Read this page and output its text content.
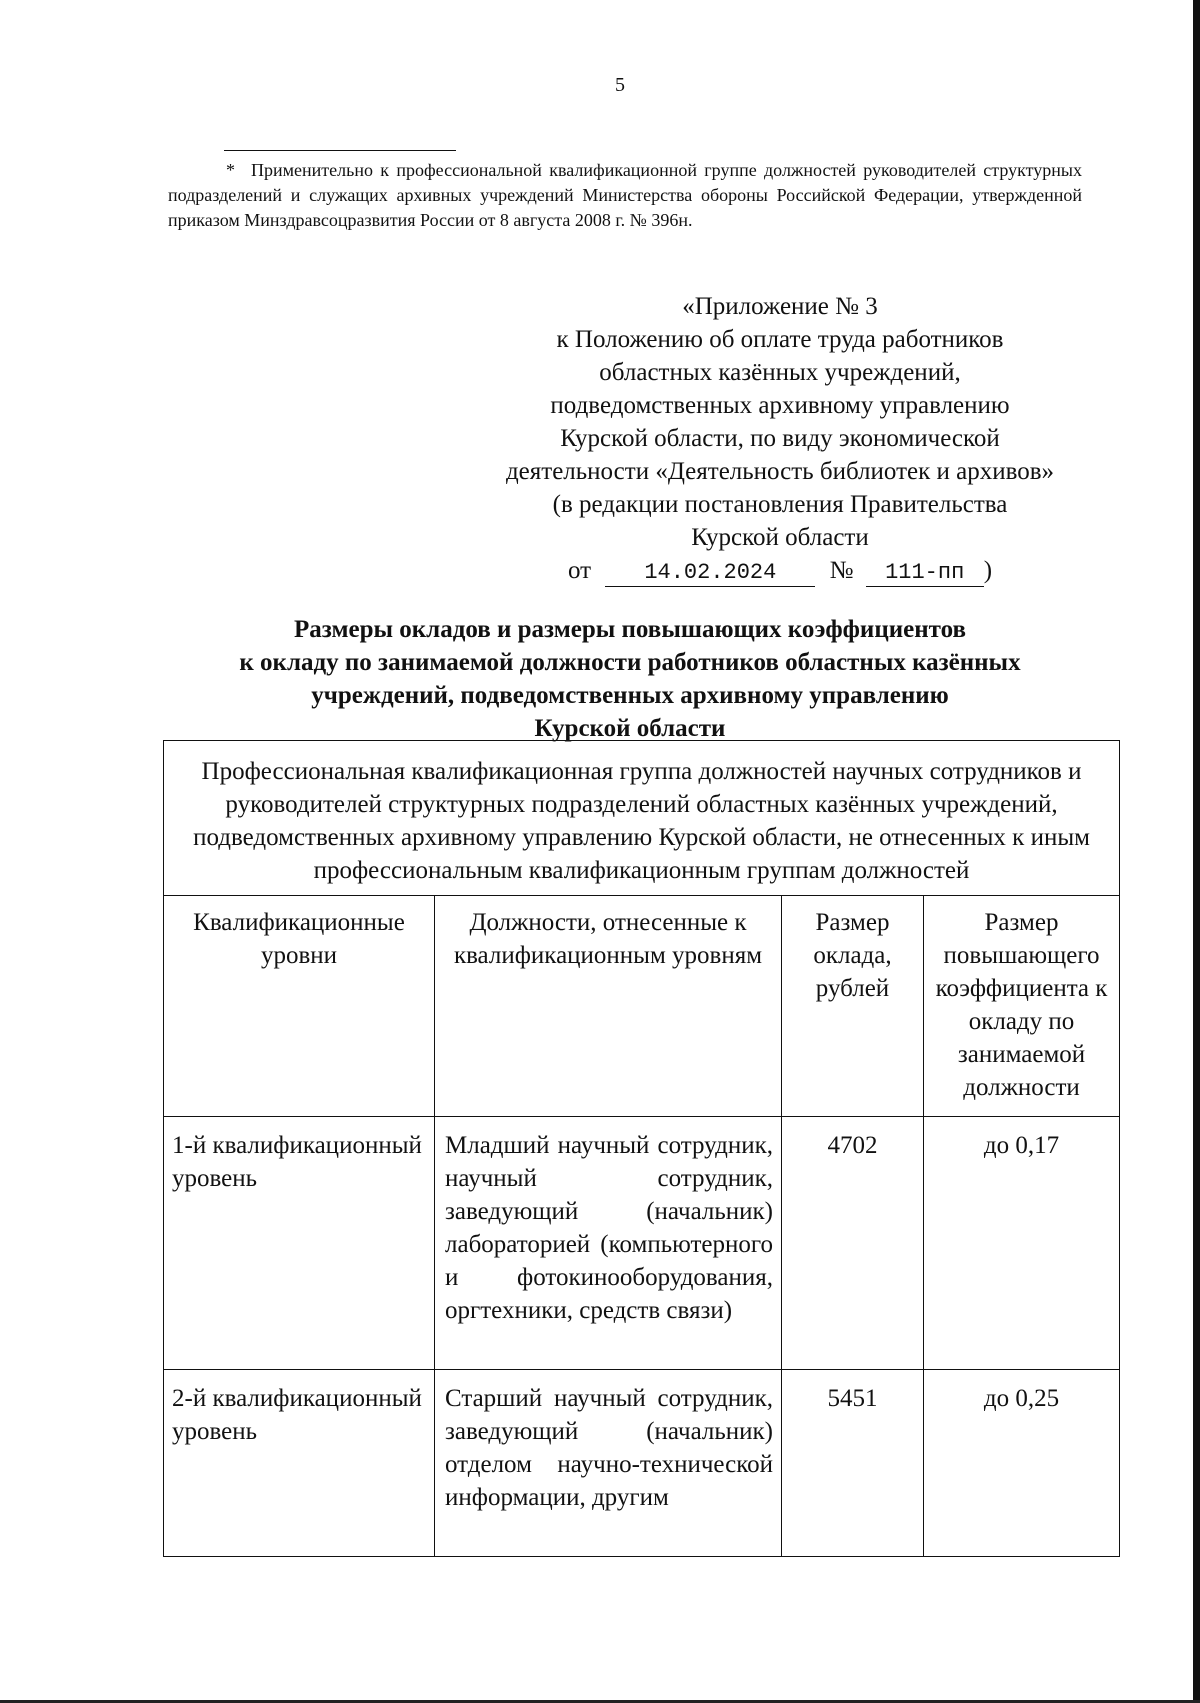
5
* Применительно к профессиональной квалификационной группе должностей руководителей структурных подразделений и служащих архивных учреждений Министерства обороны Российской Федерации, утвержденной приказом Минздравсоцразвития России от 8 августа 2008 г. № 396н.
«Приложение № 3
к Положению об оплате труда работников
областных казённых учреждений,
подведомственных архивному управлению
Курской области, по виду экономической
деятельности «Деятельность библиотек и архивов»
(в редакции постановления Правительства
Курской области
от 14.02.2024 № 111-пп )
Размеры окладов и размеры повышающих коэффициентов
к окладу по занимаемой должности работников областных казённых
учреждений, подведомственных архивному управлению
Курской области
Профессиональная квалификационная группа должностей научных сотрудников и руководителей структурных подразделений областных казённых учреждений, подведомственных архивному управлению Курской области, не отнесенных к иным профессиональным квалификационным группам должностей			
Квалификационные уровни	Должности, отнесенные к квалификационным уровням	Размер оклада, рублей	Размер повышающего коэффициента к окладу по занимаемой должности
1-й квалификационный уровень	Младший научный сотрудник, научный сотрудник, заведующий (начальник) лабораторией (компьютерного и фотокинооборудования, оргтехники, средств связи)	4702	до 0,17
2-й квалификационный уровень	Старший научный сотрудник, заведующий (начальник) отделом научно-технической информации, другим	5451	до 0,25
